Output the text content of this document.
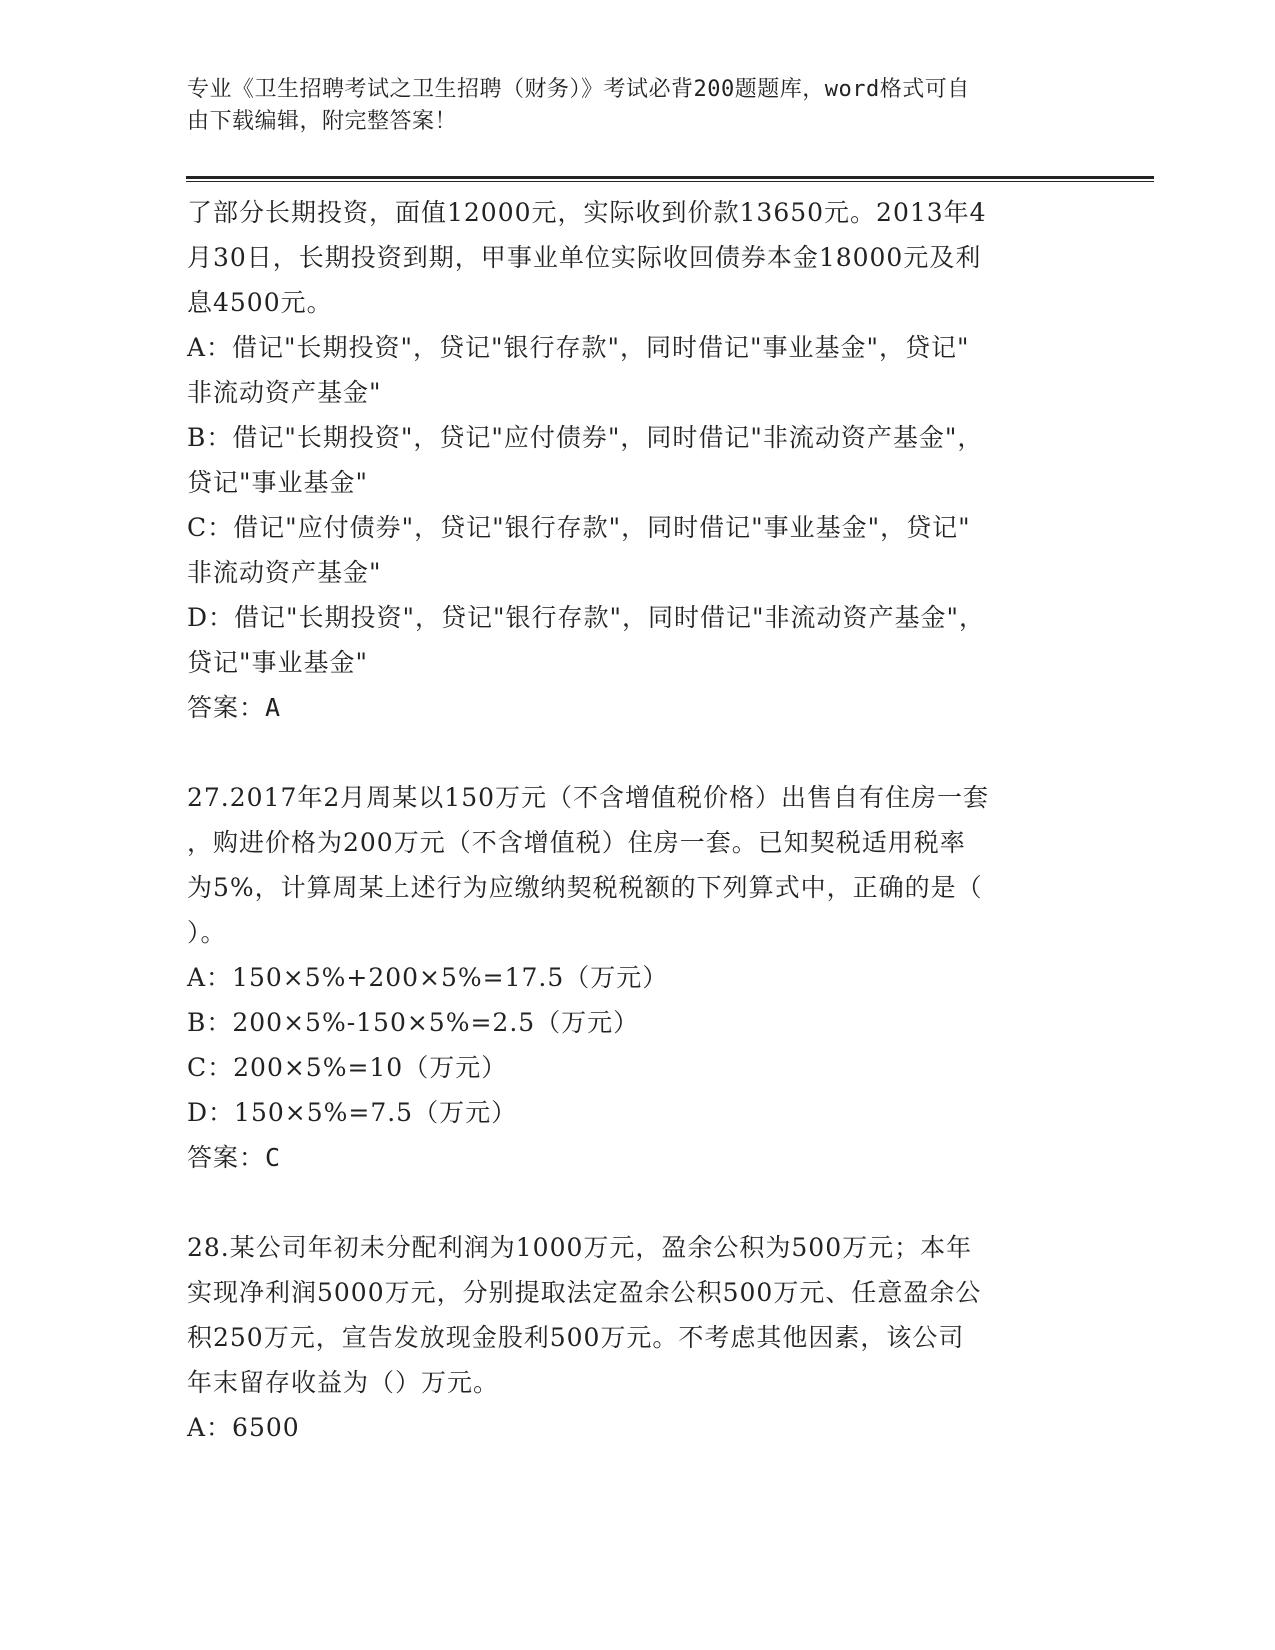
专业《卫生招聘考试之卫生招聘（财务）》考试必背200题题库，word格式可自
由下载编辑，附完整答案！
了部分长期投资，面值12000元，实际收到价款13650元。2013年4
月30日，长期投资到期，甲事业单位实际收回债券本金18000元及利
息4500元。
A：借记"长期投资"，贷记"银行存款"，同时借记"事业基金"，贷记"
非流动资产基金"
B：借记"长期投资"，贷记"应付债券"，同时借记"非流动资产基金"，
贷记"事业基金"
C：借记"应付债券"，贷记"银行存款"，同时借记"事业基金"，贷记"
非流动资产基金"
D：借记"长期投资"，贷记"银行存款"，同时借记"非流动资产基金"，
贷记"事业基金"
答案：A
27.2017年2月周某以150万元（不含增值税价格）出售自有住房一套
，购进价格为200万元（不含增值税）住房一套。已知契税适用税率
为5%，计算周某上述行为应缴纳契税税额的下列算式中，正确的是（
）。
A：150×5%+200×5%=17.5（万元）
B：200×5%-150×5%=2.5（万元）
C：200×5%=10（万元）
D：150×5%=7.5（万元）
答案：C
28.某公司年初未分配利润为1000万元，盈余公积为500万元；本年
实现净利润5000万元，分别提取法定盈余公积500万元、任意盈余公
积250万元，宣告发放现金股利500万元。不考虑其他因素，该公司
年末留存收益为（）万元。
A：6500
